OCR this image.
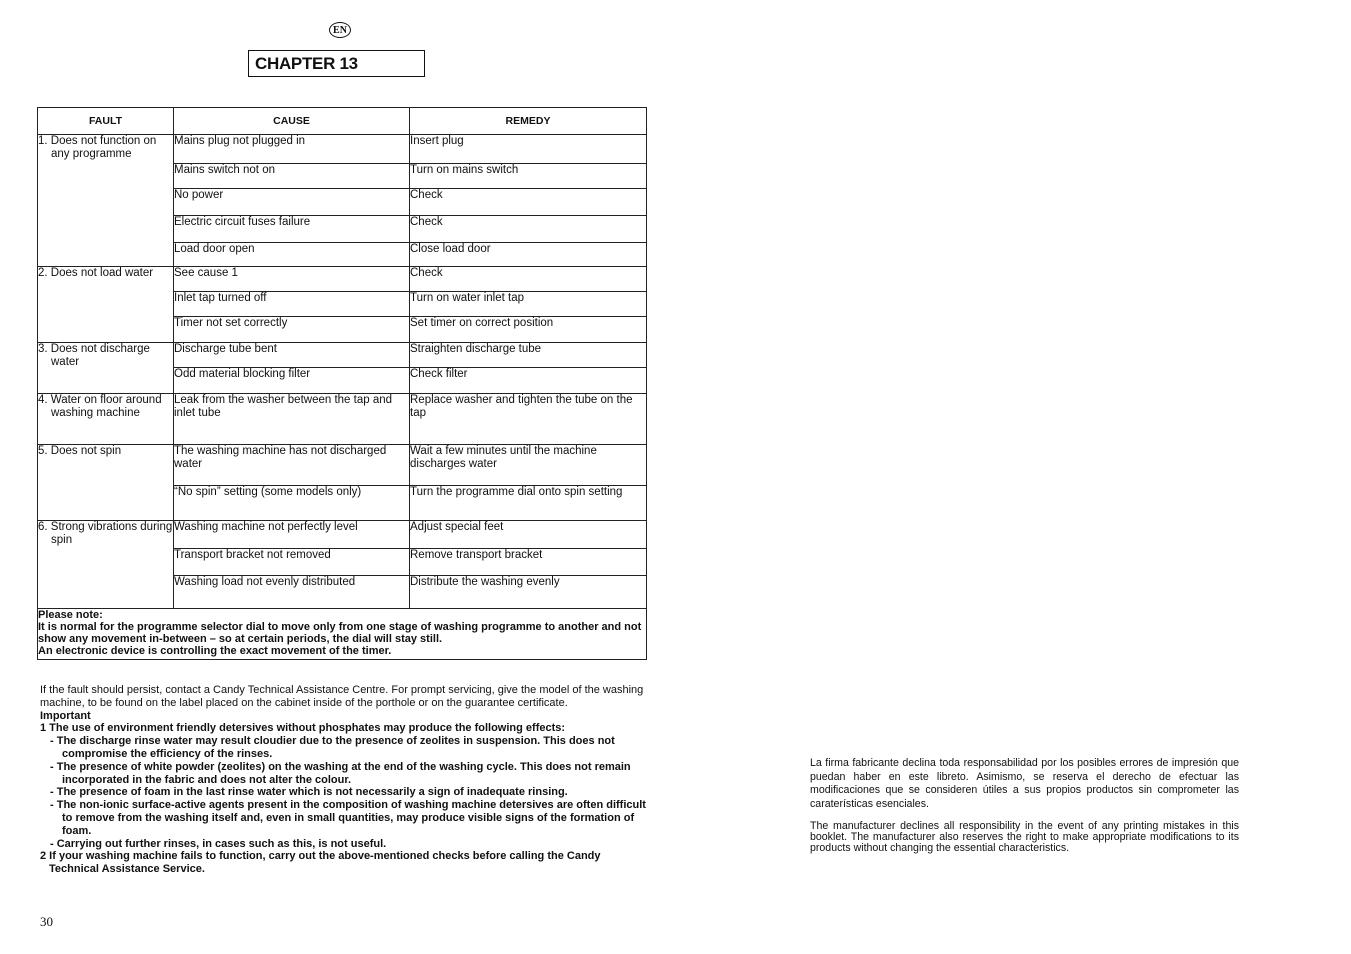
EN
CHAPTER 13
FAULT	CAUSE	REMEDY

1. Does not function on any programme	Mains plug not plugged in	Insert plug
	Mains switch not on	Turn on mains switch
	No power	Check
	Electric circuit fuses failure	Check
	Load door open	Close load door

2. Does not load water	See cause 1	Check
	Inlet tap turned off	Turn on water inlet tap
	Timer not set correctly	Set timer on correct position

3. Does not discharge water	Discharge tube bent	Straighten discharge tube
	Odd material blocking filter	Check filter

4. Water on floor around washing machine	Leak from the washer between the tap and inlet tube	Replace washer and tighten the tube on the tap

5. Does not spin	The washing machine has not discharged water	Wait a few minutes until the machine discharges water
	“No spin” setting (some models only)	Turn the programme dial onto spin setting

6. Strong vibrations during spin	Washing machine not perfectly level	Adjust special feet
	Transport bracket not removed	Remove transport bracket
	Washing load not evenly distributed	Distribute the washing evenly

Please note:
It is normal for the programme selector dial to move only from one stage of washing programme to another and not show any movement in-between – so at certain periods, the dial will stay still.
An electronic device is controlling the exact movement of the timer.		

If the fault should persist, contact a Candy Technical Assistance Centre. For prompt servicing, give the model of the washing machine, to be found on the label placed on the cabinet inside of the porthole or on the guarantee certificate.

Important

1 The use of environment friendly detersives without phosphates may produce the following effects:

- The discharge rinse water may result cloudier due to the presence of zeolites in suspension. This does not compromise the efficiency of the rinses.

- The presence of white powder (zeolites) on the washing at the end of the washing cycle. This does not remain incorporated in the fabric and does not alter the colour.

- The presence of foam in the last rinse water which is not necessarily a sign of inadequate rinsing.

- The non-ionic surface-active agents present in the composition of washing machine detersives are often difficult to remove from the washing itself and, even in small quantities, may produce visible signs of the formation of foam.

- Carrying out further rinses, in cases such as this, is not useful.

2 If your washing machine fails to function, carry out the above-mentioned checks before calling the Candy Technical Assistance Service.

30
La firma fabricante declina toda responsabilidad por los posibles errores de impresión que puedan haber en este libreto. Asimismo, se reserva el derecho de efectuar las modificaciones que se consideren útiles a sus propios productos sin comprometer las caraterísticas esenciales.
The manufacturer declines all responsibility in the event of any printing mistakes in this booklet. The manufacturer also reserves the right to make appropriate modifications to its products without changing the essential characteristics.
